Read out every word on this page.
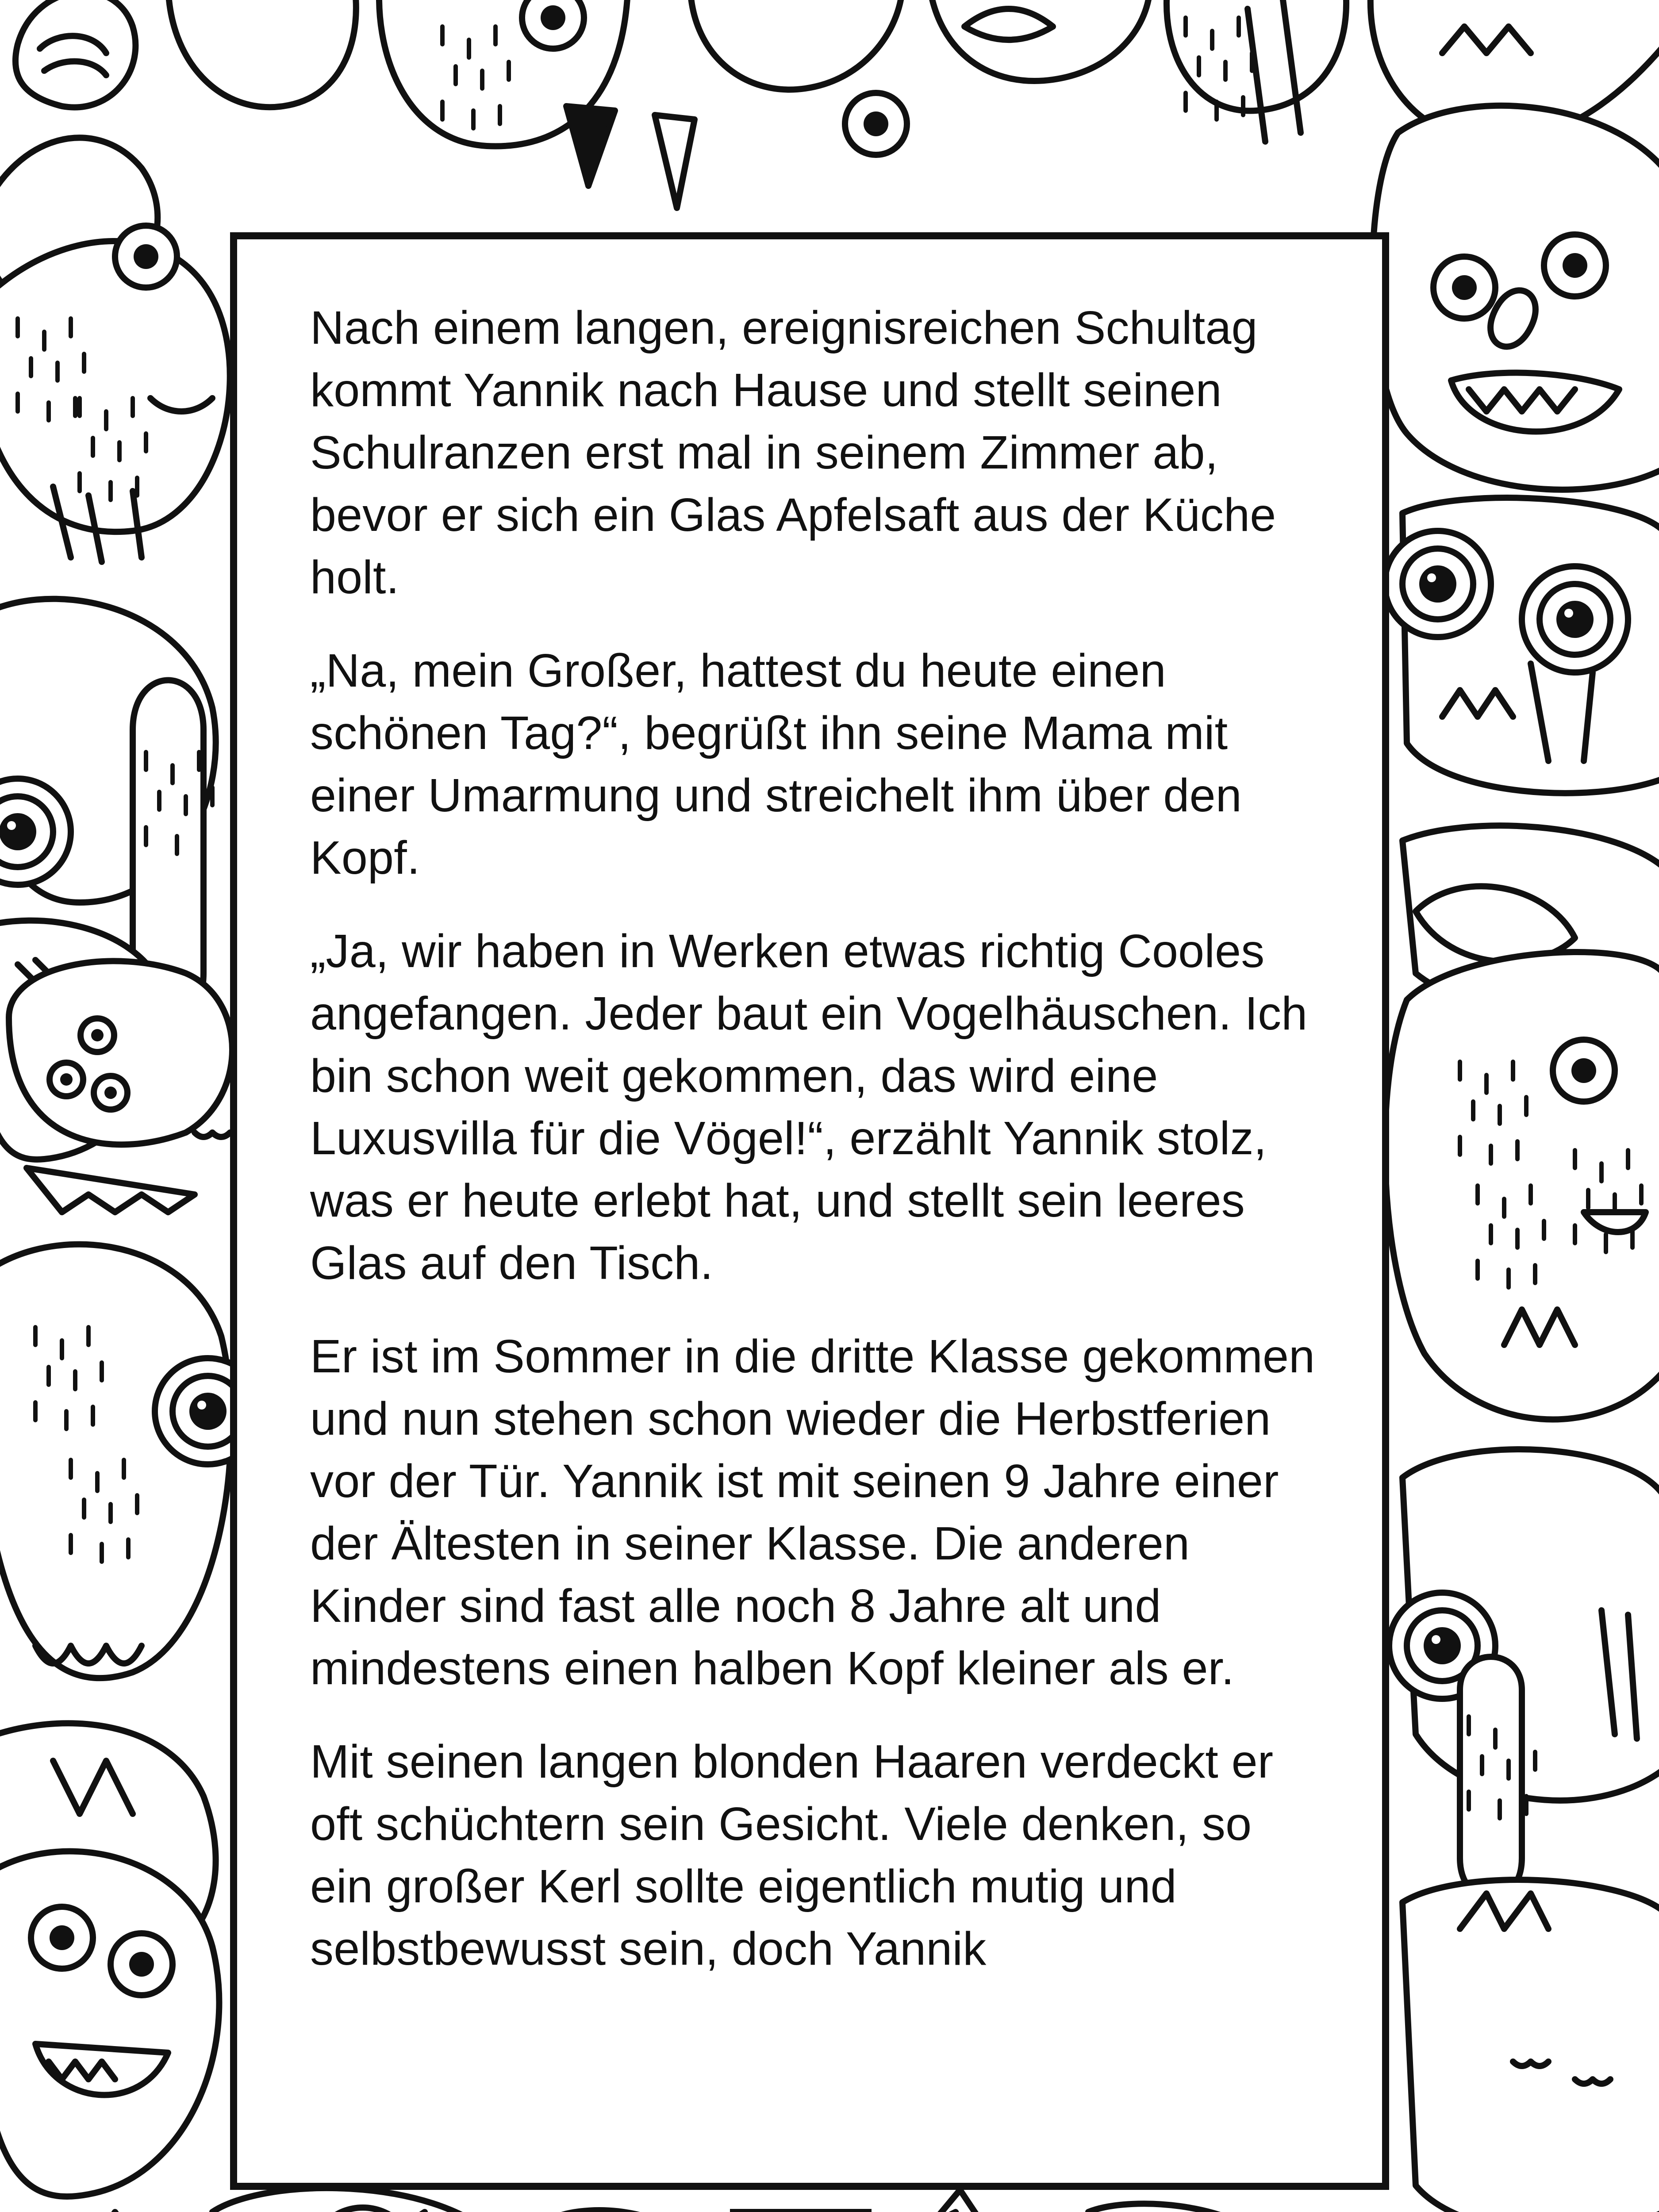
Nach einem langen, ereignisreichen Schultag kommt Yannik nach Hause und stellt seinen Schulranzen erst mal in seinem Zimmer ab, bevor er sich ein Glas Apfelsaft aus der Küche holt.

„Na, mein Großer, hattest du heute einen schönen Tag?“, begrüßt ihn seine Mama mit einer Umarmung und streichelt ihm über den Kopf.

„Ja, wir haben in Werken etwas richtig Cooles angefangen. Jeder baut ein Vogelhäuschen. Ich bin schon weit gekommen, das wird eine Luxusvilla für die Vögel!“, erzählt Yannik stolz, was er heute erlebt hat, und stellt sein leeres Glas auf den Tisch.

Er ist im Sommer in die dritte Klasse gekommen und nun stehen schon wieder die Herbstferien vor der Tür. Yannik ist mit seinen 9 Jahre einer der Ältesten in seiner Klasse. Die anderen Kinder sind fast alle noch 8 Jahre alt und mindestens einen halben Kopf kleiner als er.

Mit seinen langen blonden Haaren verdeckt er oft schüchtern sein Gesicht. Viele denken, so ein großer Kerl sollte eigentlich mutig und selbstbewusst sein, doch Yannik
